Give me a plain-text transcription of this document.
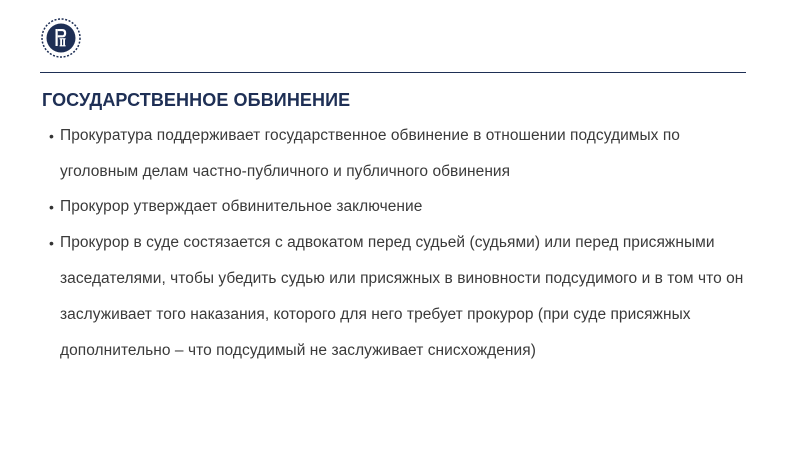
ГОСУДАРСТВЕННОЕ ОБВИНЕНИЕ
• Прокуратура поддерживает государственное обвинение в отношении подсудимых по уголовным делам частно-публичного и публичного обвинения
• Прокурор утверждает обвинительное заключение
• Прокурор в суде состязается с адвокатом перед судьей (судьями) или перед присяжными заседателями, чтобы убедить судью или присяжных в виновности подсудимого и в том что он заслуживает того наказания, которого для него требует прокурор (при суде присяжных дополнительно – что подсудимый не заслуживает снисхождения)
